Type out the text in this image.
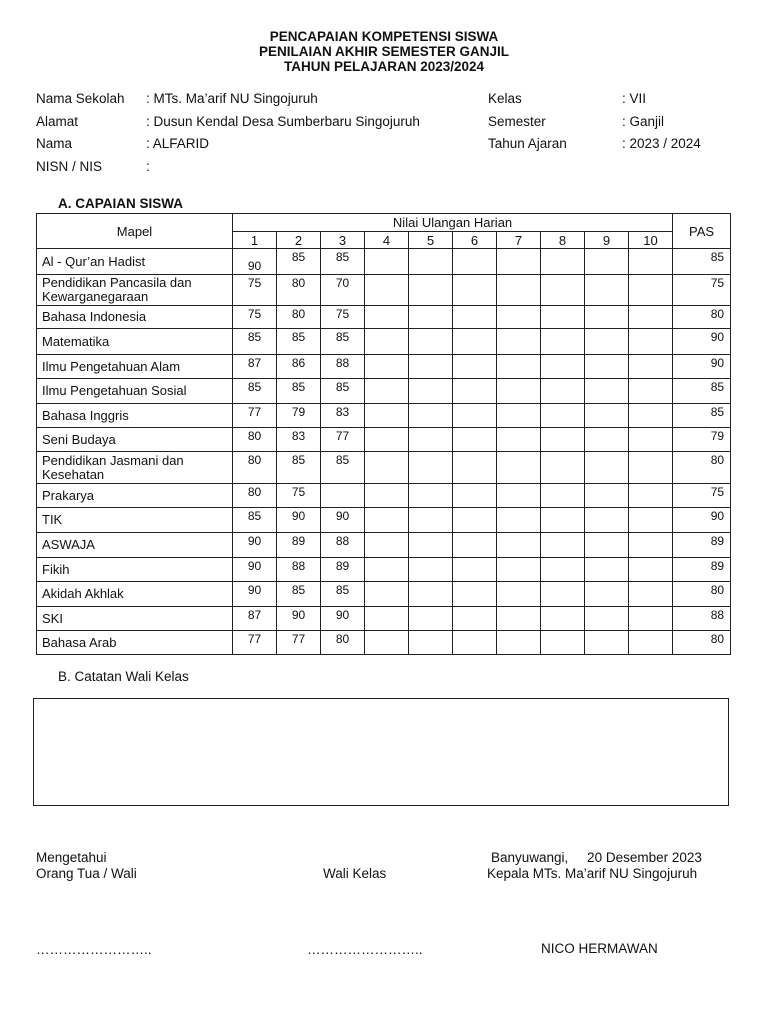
PENCAPAIAN KOMPETENSI SISWA
PENILAIAN AKHIR SEMESTER GANJIL
TAHUN PELAJARAN 2023/2024
Nama Sekolah : MTs. Ma’arif NU Singojuruh
Alamat	: Dusun Kendal Desa Sumberbaru Singojuruh
Nama	: ALFARID
NISN / NIS	:
Kelas	: VII
Semester	: Ganjil
Tahun Ajaran	: 2023 / 2024
A. CAPAIAN SISWA
Mapel	Nilai Ulangan Harian										PAS
	1	2	3	4	5	6	7	8	9	10	
Al - Qur’an Hadist	90	85	85								85
Pendidikan Pancasila dan Kewarganegaraan	75	80	70								75
Bahasa Indonesia	75	80	75								80
Matematika	85	85	85								90
Ilmu Pengetahuan Alam	87	86	88								90
Ilmu Pengetahuan Sosial	85	85	85								85
Bahasa Inggris	77	79	83								85
Seni Budaya	80	83	77								79
Pendidikan Jasmani dan Kesehatan	80	85	85								80
Prakarya	80	75									75
TIK	85	90	90								90
ASWAJA	90	89	88								89
Fikih	90	88	89								89
Akidah Akhlak	90	85	85								80
SKI	87	90	90								88
Bahasa Arab	77	77	80								80
B. Catatan Wali Kelas
Mengetahui
Orang Tua / Wali	Wali Kelas
Banyuwangi,     20 Desember 2023
Kepala MTs. Ma’arif NU Singojuruh
……………………..	……………………..	NICO HERMAWAN
